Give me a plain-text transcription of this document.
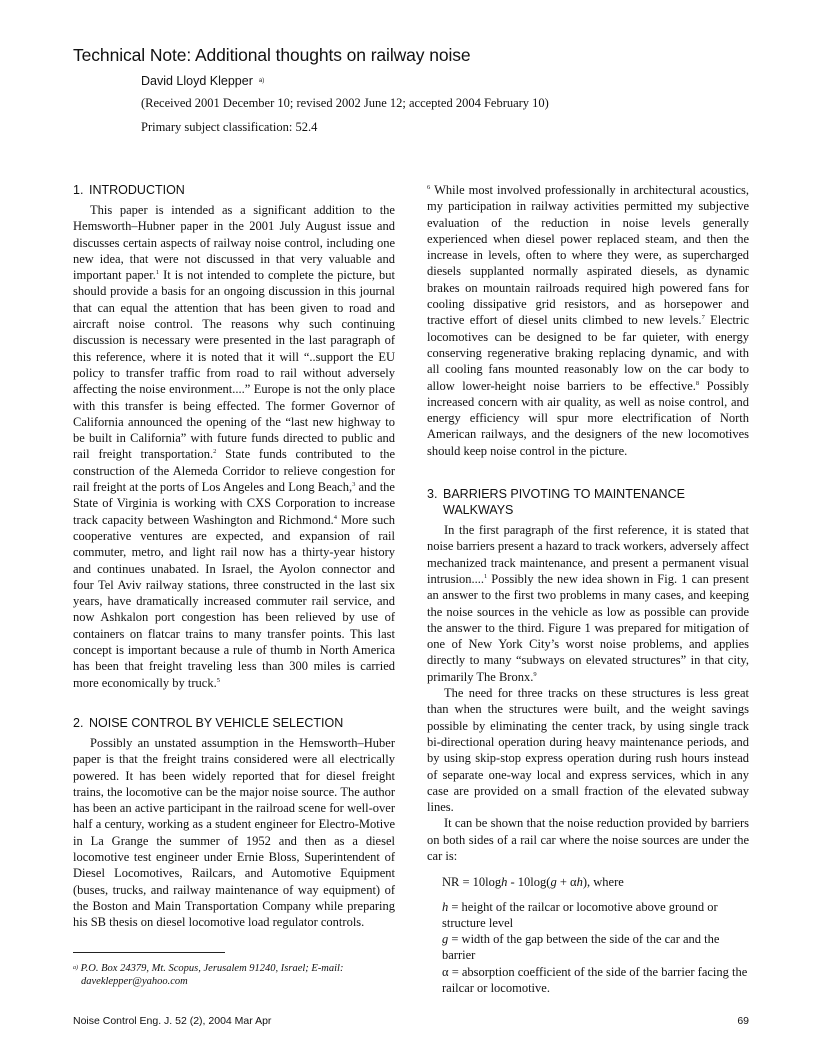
Technical Note: Additional thoughts on railway noise
David Lloyd Klepper $^{a)}$
(Received 2001 December 10; revised 2002 June 12; accepted 2004 February 10)
Primary subject classification: 52.4
1. INTRODUCTION

This paper is intended as a significant addition to the Hemsworth–Hubner paper in the 2001 July August issue and discusses certain aspects of railway noise control, including one new idea, that were not discussed in that very valuable and important paper.$^1$ It is not intended to complete the picture, but should provide a basis for an ongoing discussion in this journal that can equal the attention that has been given to road and aircraft noise control. The reasons why such continuing discussion is necessary were presented in the last paragraph of this reference, where it is noted that it will “..support the EU policy to transfer traffic from road to rail without adversely affecting the noise environment....” Europe is not the only place with this transfer is being effected. The former Governor of California announced the opening of the “last new highway to be built in California” with future funds directed to public and rail freight transportation.$^2$ State funds contributed to the construction of the Alemeda Corridor to relieve congestion for rail freight at the ports of Los Angeles and Long Beach,$^3$ and the State of Virginia is working with CXS Corporation to increase track capacity between Washington and Richmond.$^4$ More such cooperative ventures are expected, and expansion of rail commuter, metro, and light rail now has a thirty-year history and continues unabated. In Israel, the Ayolon connector and four Tel Aviv railway stations, three constructed in the last six years, have dramatically increased commuter rail service, and now Ashkalon port congestion has been relieved by use of containers on flatcar trains to many transfer points. This last concept is important because a rule of thumb in North America has been that freight traveling less than 300 miles is carried more economically by truck.$^5$

2. NOISE CONTROL BY VEHICLE SELECTION

Possibly an unstated assumption in the Hemsworth–Huber paper is that the freight trains considered were all electrically powered. It has been widely reported that for diesel freight trains, the locomotive can be the major noise source. The author has been an active participant in the railroad scene for well-over half a century, working as a student engineer for Electro-Motive in La Grange the summer of 1952 and then as a diesel locomotive test engineer under Ernie Bloss, Superintendent of Diesel Locomotives, Railcars, and Automotive Equipment (buses, trucks, and railway maintenance of way equipment) of the Boston and Main Transportation Company while preparing his SB thesis on diesel locomotive load regulator controls.

$^6$ While most involved professionally in architectural acoustics, my participation in railway activities permitted my subjective evaluation of the reduction in noise levels generally experienced when diesel power replaced steam, and then the increase in levels, often to where they were, as supercharged diesels supplanted normally aspirated diesels, as dynamic brakes on mountain railroads required high powered fans for cooling dissipative grid resistors, and as horsepower and tractive effort of diesel units climbed to new levels.$^7$ Electric locomotives can be designed to be far quieter, with energy conserving regenerative braking replacing dynamic, and with all cooling fans mounted reasonably low on the car body to allow lower-height noise barriers to be effective.$^8$ Possibly increased concern with air quality, as well as noise control, and energy efficiency will spur more electrification of North American railways, and the designers of the new locomotives should keep noise control in the picture.

3. BARRIERS PIVOTING TO MAINTENANCE
WALKWAYS

In the first paragraph of the first reference, it is stated that noise barriers present a hazard to track workers, adversely affect mechanized track maintenance, and present a permanent visual intrusion....$^1$ Possibly the new idea shown in Fig. 1 can present an answer to the first two problems in many cases, and keeping the noise sources in the vehicle as low as possible can provide the answer to the third. Figure 1 was prepared for mitigation of one of New York City’s worst noise problems, and applies directly to many “subways on elevated structures” in that city, primarily The Bronx.$^9$

The need for three tracks on these structures is less great than when the structures were built, and the weight savings possible by eliminating the center track, by using single track bi-directional operation during heavy maintenance periods, and by using skip-stop express operation during rush hours instead of separate one-way local and express services, which in any case are provided on a small fraction of the elevated subway lines.

It can be shown that the noise reduction provided by barriers on both sides of a rail car where the noise sources are under the car is:

NR = 10logh - 10log(g + αh), where
h = height of the railcar or locomotive above ground or structure level
g = width of the gap between the side of the car and the barrier
α = absorption coefficient of the side of the barrier facing the railcar or locomotive.
$^{a)}$ P.O. Box 24379, Mt. Scopus, Jerusalem 91240, Israel; E-mail:
daveklepper@yahoo.com
Noise Control Eng. J. 52 (2), 2004 Mar Apr	69
